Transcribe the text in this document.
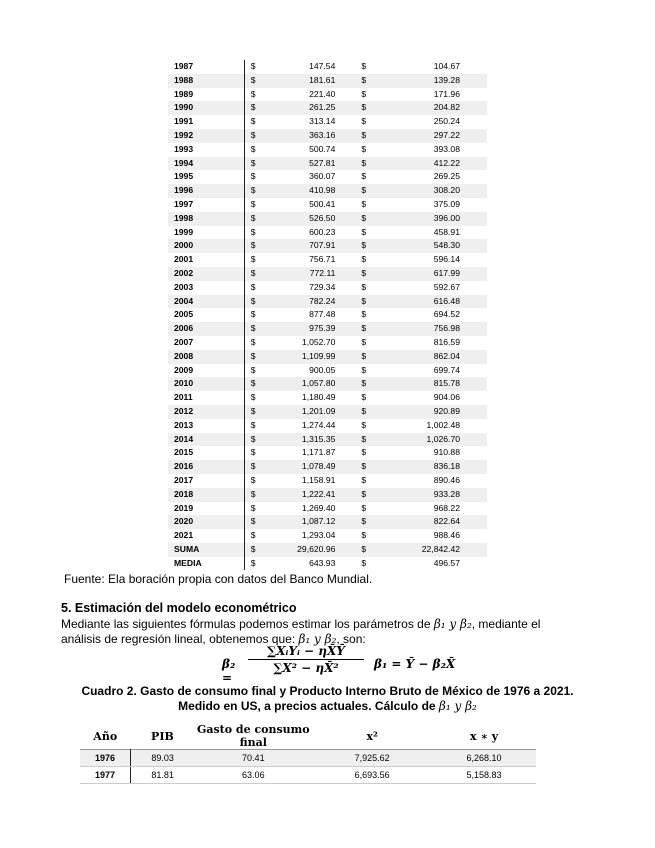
1987	$	147.54	$	104.67
1988	$	181.61	$	139.28
1989	$	221.40	$	171.96
1990	$	261.25	$	204.82
1991	$	313.14	$	250.24
1992	$	363.16	$	297.22
1993	$	500.74	$	393.08
1994	$	527.81	$	412.22
1995	$	360.07	$	269.25
1996	$	410.98	$	308.20
1997	$	500.41	$	375.09
1998	$	526.50	$	396.00
1999	$	600.23	$	458.91
2000	$	707.91	$	548.30
2001	$	756.71	$	596.14
2002	$	772.11	$	617.99
2003	$	729.34	$	592.67
2004	$	782.24	$	616.48
2005	$	877.48	$	694.52
2006	$	975.39	$	756.98
2007	$	1,052.70	$	816.59
2008	$	1,109.99	$	862.04
2009	$	900.05	$	699.74
2010	$	1,057.80	$	815.78
2011	$	1,180.49	$	904.06
2012	$	1,201.09	$	920.89
2013	$	1,274.44	$	1,002.48
2014	$	1,315.35	$	1,026.70
2015	$	1,171.87	$	910.88
2016	$	1,078.49	$	836.18
2017	$	1,158.91	$	890.46
2018	$	1,222.41	$	933.28
2019	$	1,269.40	$	968.22
2020	$	1,087.12	$	822.64
2021	$	1,293.04	$	988.46
SUMA	$	29,620.96	$	22,842.42
MEDIA	$	643.93	$	496.57
Fuente: Ela boración propia con datos del Banco Mundial.
5. Estimación del modelo econométrico
Mediante las siguientes fórmulas podemos estimar los parámetros de β₁ y β₂, mediante el
análisis de regresión lineal, obtenemos que: β₁ y β₂, son:
β₂ =
∑XᵢYᵢ − ηX̄Ȳ
∑X² − ηX̄²	β₁ = Ȳ − β₂X̄
Cuadro 2. Gasto de consumo final y Producto Interno Bruto de México de 1976 a 2021.
Medido en US, a precios actuales. Cálculo de β₁ y β₂
Año	PIB	Gasto de consumo final	x²	x ∗ y
1976	89.03	70.41	7,925.62	6,268.10
1977	81.81	63.06	6,693.56	5,158.83
